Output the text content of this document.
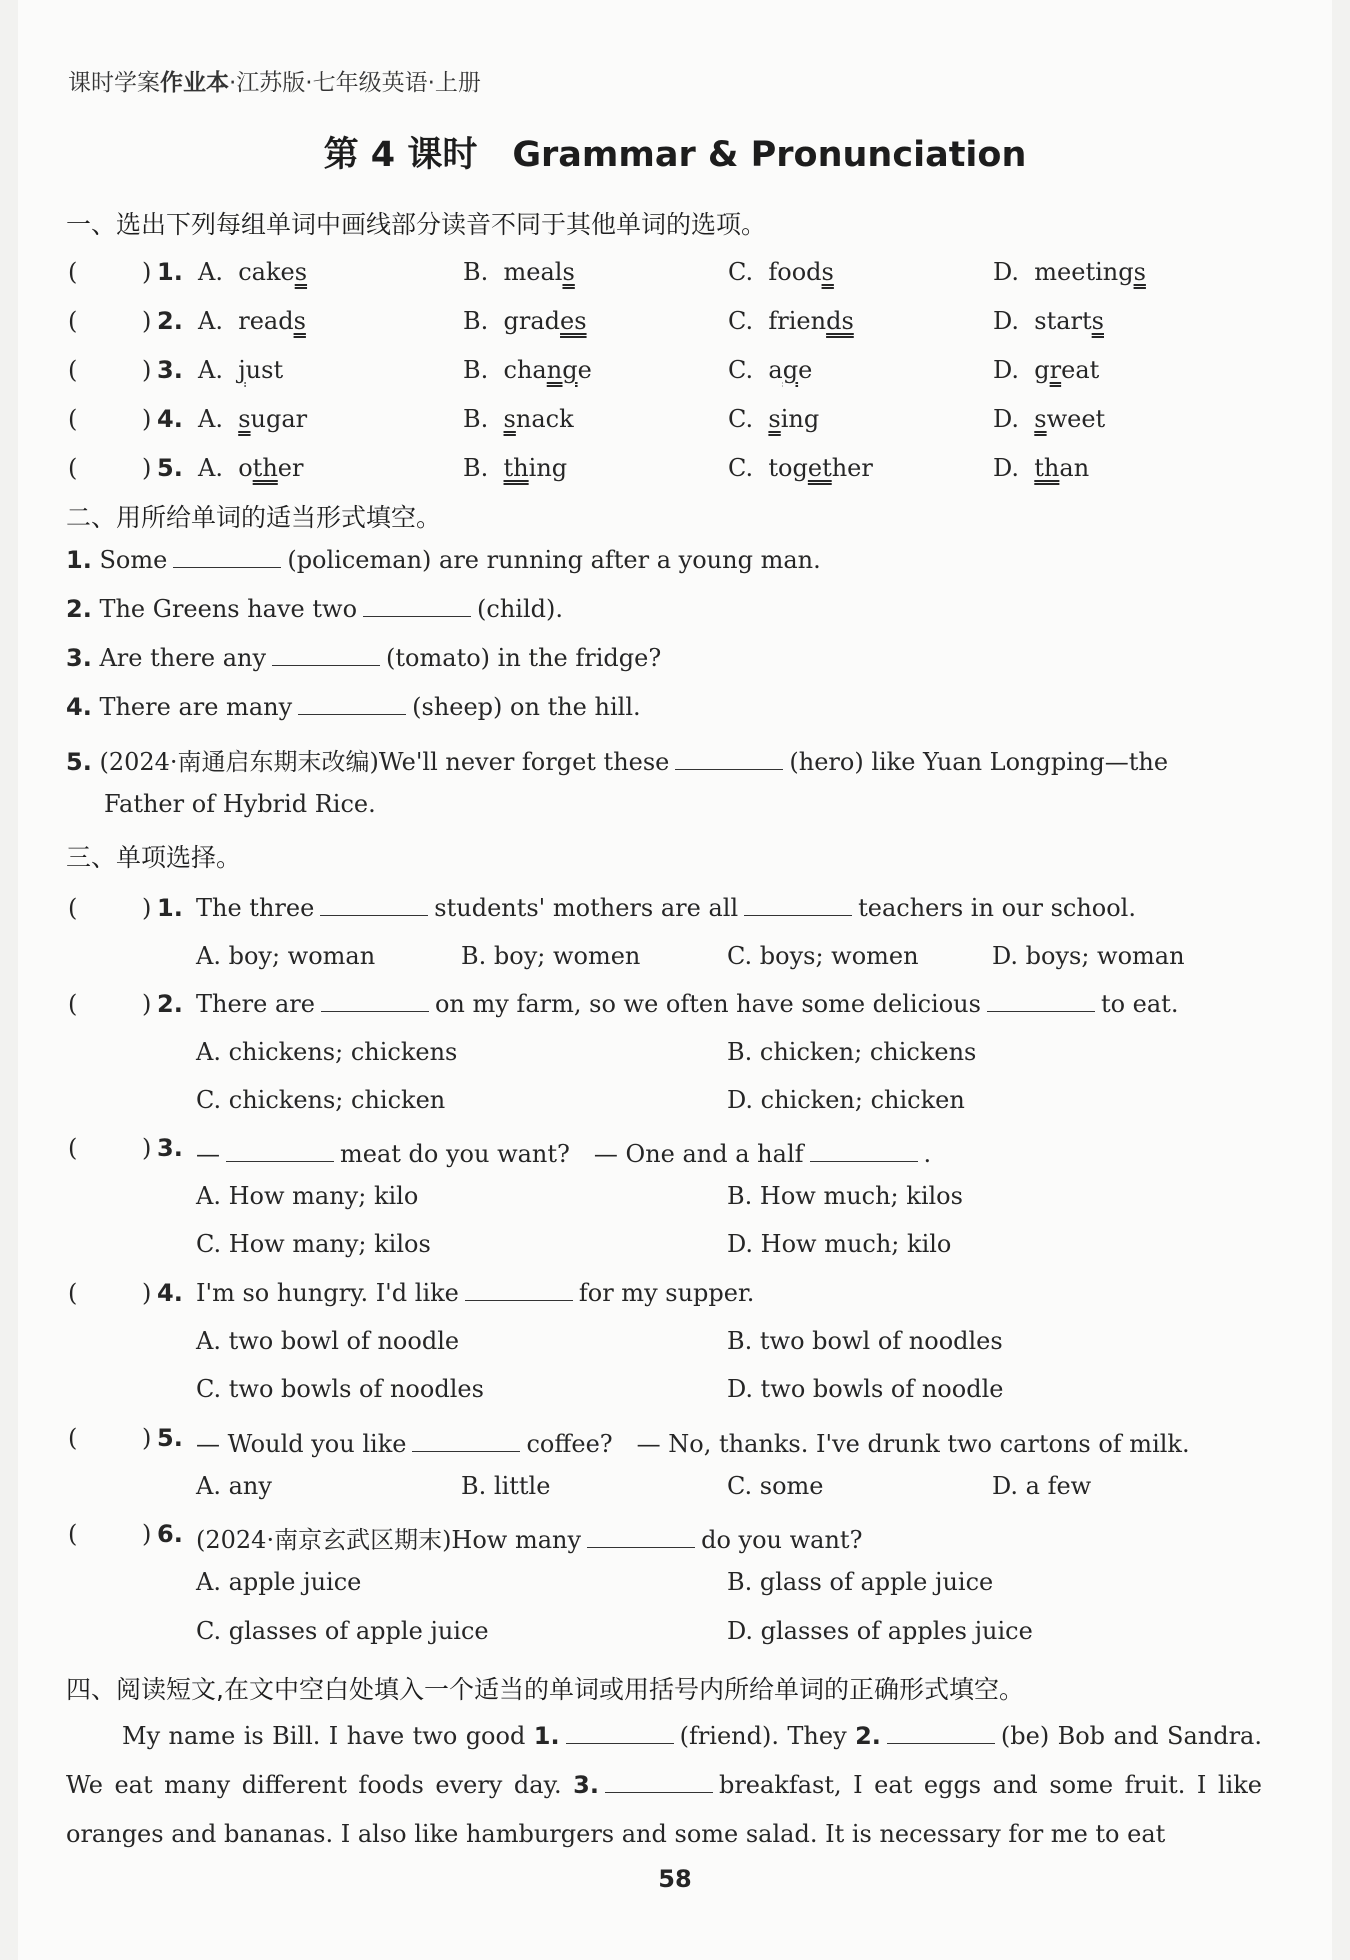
课时学案作业本·江苏版·七年级英语·上册
第 4 课时　Grammar & Pronunciation
一、选出下列每组单词中画线部分读音不同于其他单词的选项。
(	) 1. A.  cakes	B.  meals	C.  foods	D.  meetings
(	) 2. A.  reads	B.  grades	C.  friends	D.  starts
(	) 3. A.  just	B.  change	C.  age	D.  great
(	) 4. A.  sugar	B.  snack	C.  sing	D.  sweet
(	) 5. A.  other	B.  thing	C.  together	D.  than
二、用所给单词的适当形式填空。
1. Some	(policeman) are running after a young man.
2. The Greens have two	(child).
3. Are there any	(tomato) in the fridge?
4. There are many	(sheep) on the hill.
5. (2024·南通启东期末改编)We'll never forget these	(hero) like Yuan Longping—the
Father of Hybrid Rice.
三、单项选择。
(	) 1. The three	students' mothers are all	teachers in our school.
A. boy; woman	B. boy; women	C. boys; women	D. boys; woman
(	) 2. There are	on my farm, so we often have some delicious	to eat.
A. chickens; chickens	B. chicken; chickens
C. chickens; chicken	D. chicken; chicken
(	) 3. —	meat do you want?　— One and a half	.
A. How many; kilo	B. How much; kilos
C. How many; kilos	D. How much; kilo
(	) 4. I'm so hungry. I'd like	for my supper.
A. two bowl of noodle	B. two bowl of noodles
C. two bowls of noodles	D. two bowls of noodle
(	) 5. — Would you like	coffee?　— No, thanks. I've drunk two cartons of milk.
A. any	B. little	C. some	D. a few
(	) 6. (2024·南京玄武区期末)How many	do you want?
A. apple juice	B. glass of apple juice
C. glasses of apple juice	D. glasses of apples juice
四、阅读短文,在文中空白处填入一个适当的单词或用括号内所给单词的正确形式填空。
My name is Bill. I have two good 1.	(friend). They 2.	(be) Bob and Sandra. We eat many different foods every day. 3.	breakfast, I eat eggs and some fruit. I like oranges and bananas. I also like hamburgers and some salad. It is necessary for me to eat
58
